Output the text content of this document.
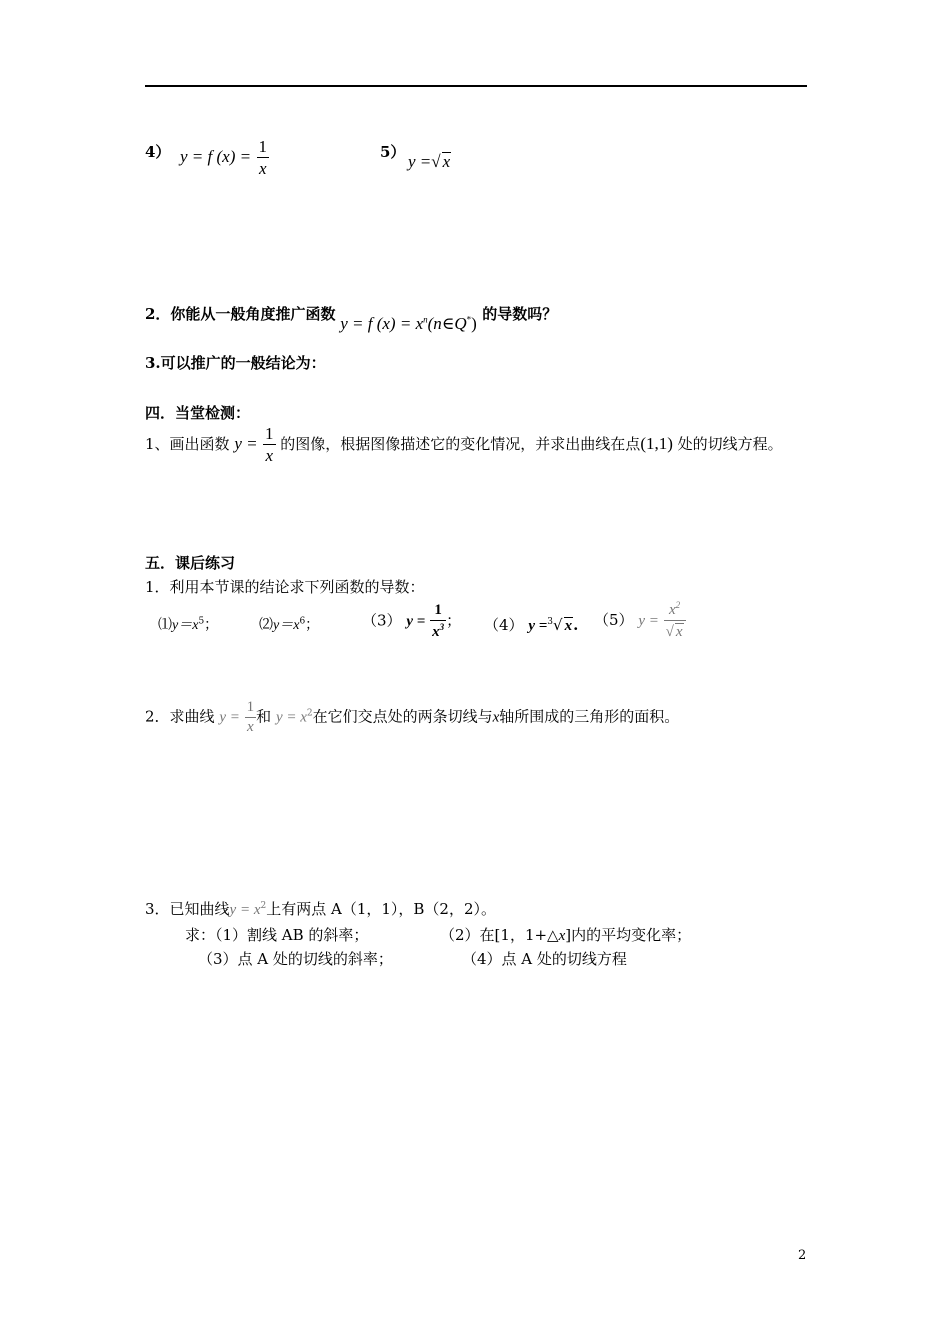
4） y = f $(x) = \frac{1}{x}$	5） y =√ x
2．你能从一般角度推广函数 y = f $(x) = x^n(n\in Q^*)$ 的导数吗？
3.可以推广的一般结论为：
四．当堂检测：
1、画出函数 $y = \frac{1}{x}$ 的图像，根据图像描述它的变化情况，并求出曲线在点(1,1) 处的切线方程。
五．课后练习
1．利用本节课的结论求下列函数的导数：
$⑴y=x^5$；	$⑵y=x^6$；	（3） $y = \frac{1}{x^3}$ ； （4） y =$^3$√ x. （5） $y = \frac{x^2}{√ x}$
2．求曲线 $y = \frac{1}{x}$ 和 $y = x^2$在它们交点处的两条切线与x轴所围成的三角形的面积。
3．已知曲线$y = x^2$上有两点 A（1，1），B（2，2）。
求：（1）割线 AB 的斜率；	（2）在[1，1+△x]内的平均变化率；
（3）点 A 处的切线的斜率；	（4）点 A 处的切线方程
2
